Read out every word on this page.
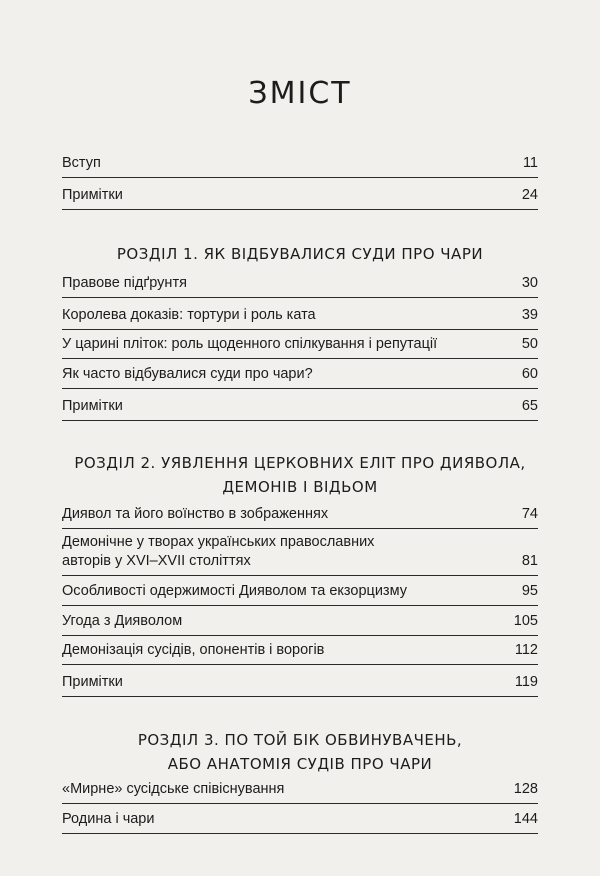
ЗМІСТ
Вступ	11
Примітки	24
РОЗДІЛ 1. ЯК ВІДБУВАЛИСЯ СУДИ ПРО ЧАРИ
Правове підґрунтя	30
Королева доказів: тортури і роль ката	39
У царині пліток: роль щоденного спілкування і репутації	50
Як часто відбувалися суди про чари?	60
Примітки	65
РОЗДІЛ 2. УЯВЛЕННЯ ЦЕРКОВНИХ ЕЛІТ ПРО ДИЯВОЛА,
ДЕМОНІВ І ВІДЬОМ
Диявол та його воїнство в зображеннях	74
Демонічне у творах українських православних
авторів у XVI–XVII століттях	81
Особливості одержимості Дияволом та екзорцизму	95
Угода з Дияволом	105
Демонізація сусідів, опонентів і ворогів	112
Примітки	119
РОЗДІЛ 3. ПО ТОЙ БІК ОБВИНУВАЧЕНЬ,
АБО АНАТОМІЯ СУДІВ ПРО ЧАРИ
«Мирне» сусідське співіснування	128
Родина і чари	144
